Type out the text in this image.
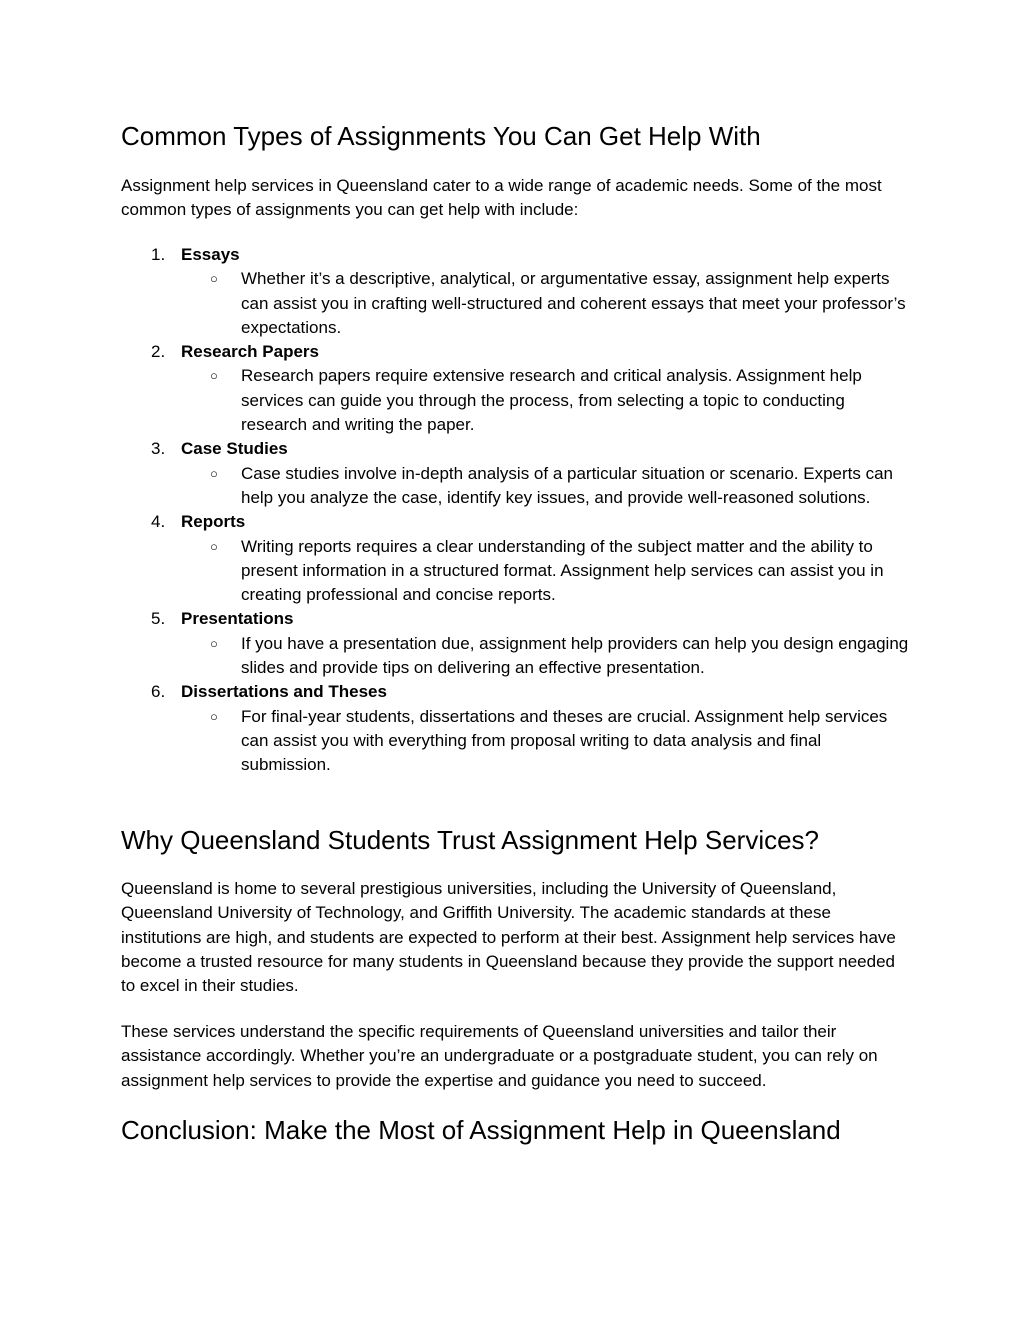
Common Types of Assignments You Can Get Help With

Assignment help services in Queensland cater to a wide range of academic needs. Some of the most common types of assignments you can get help with include:

1. Essays
○ Whether it’s a descriptive, analytical, or argumentative essay, assignment help experts can assist you in crafting well-structured and coherent essays that meet your professor’s expectations.
2. Research Papers
○ Research papers require extensive research and critical analysis. Assignment help services can guide you through the process, from selecting a topic to conducting research and writing the paper.
3. Case Studies
○ Case studies involve in-depth analysis of a particular situation or scenario. Experts can help you analyze the case, identify key issues, and provide well-reasoned solutions.
4. Reports
○ Writing reports requires a clear understanding of the subject matter and the ability to present information in a structured format. Assignment help services can assist you in creating professional and concise reports.
5. Presentations
○ If you have a presentation due, assignment help providers can help you design engaging slides and provide tips on delivering an effective presentation.
6. Dissertations and Theses
○ For final-year students, dissertations and theses are crucial. Assignment help services can assist you with everything from proposal writing to data analysis and final submission.
Why Queensland Students Trust Assignment Help Services?

Queensland is home to several prestigious universities, including the University of Queensland, Queensland University of Technology, and Griffith University. The academic standards at these institutions are high, and students are expected to perform at their best. Assignment help services have become a trusted resource for many students in Queensland because they provide the support needed to excel in their studies.

These services understand the specific requirements of Queensland universities and tailor their assistance accordingly. Whether you’re an undergraduate or a postgraduate student, you can rely on assignment help services to provide the expertise and guidance you need to succeed.

Conclusion: Make the Most of Assignment Help in Queensland
